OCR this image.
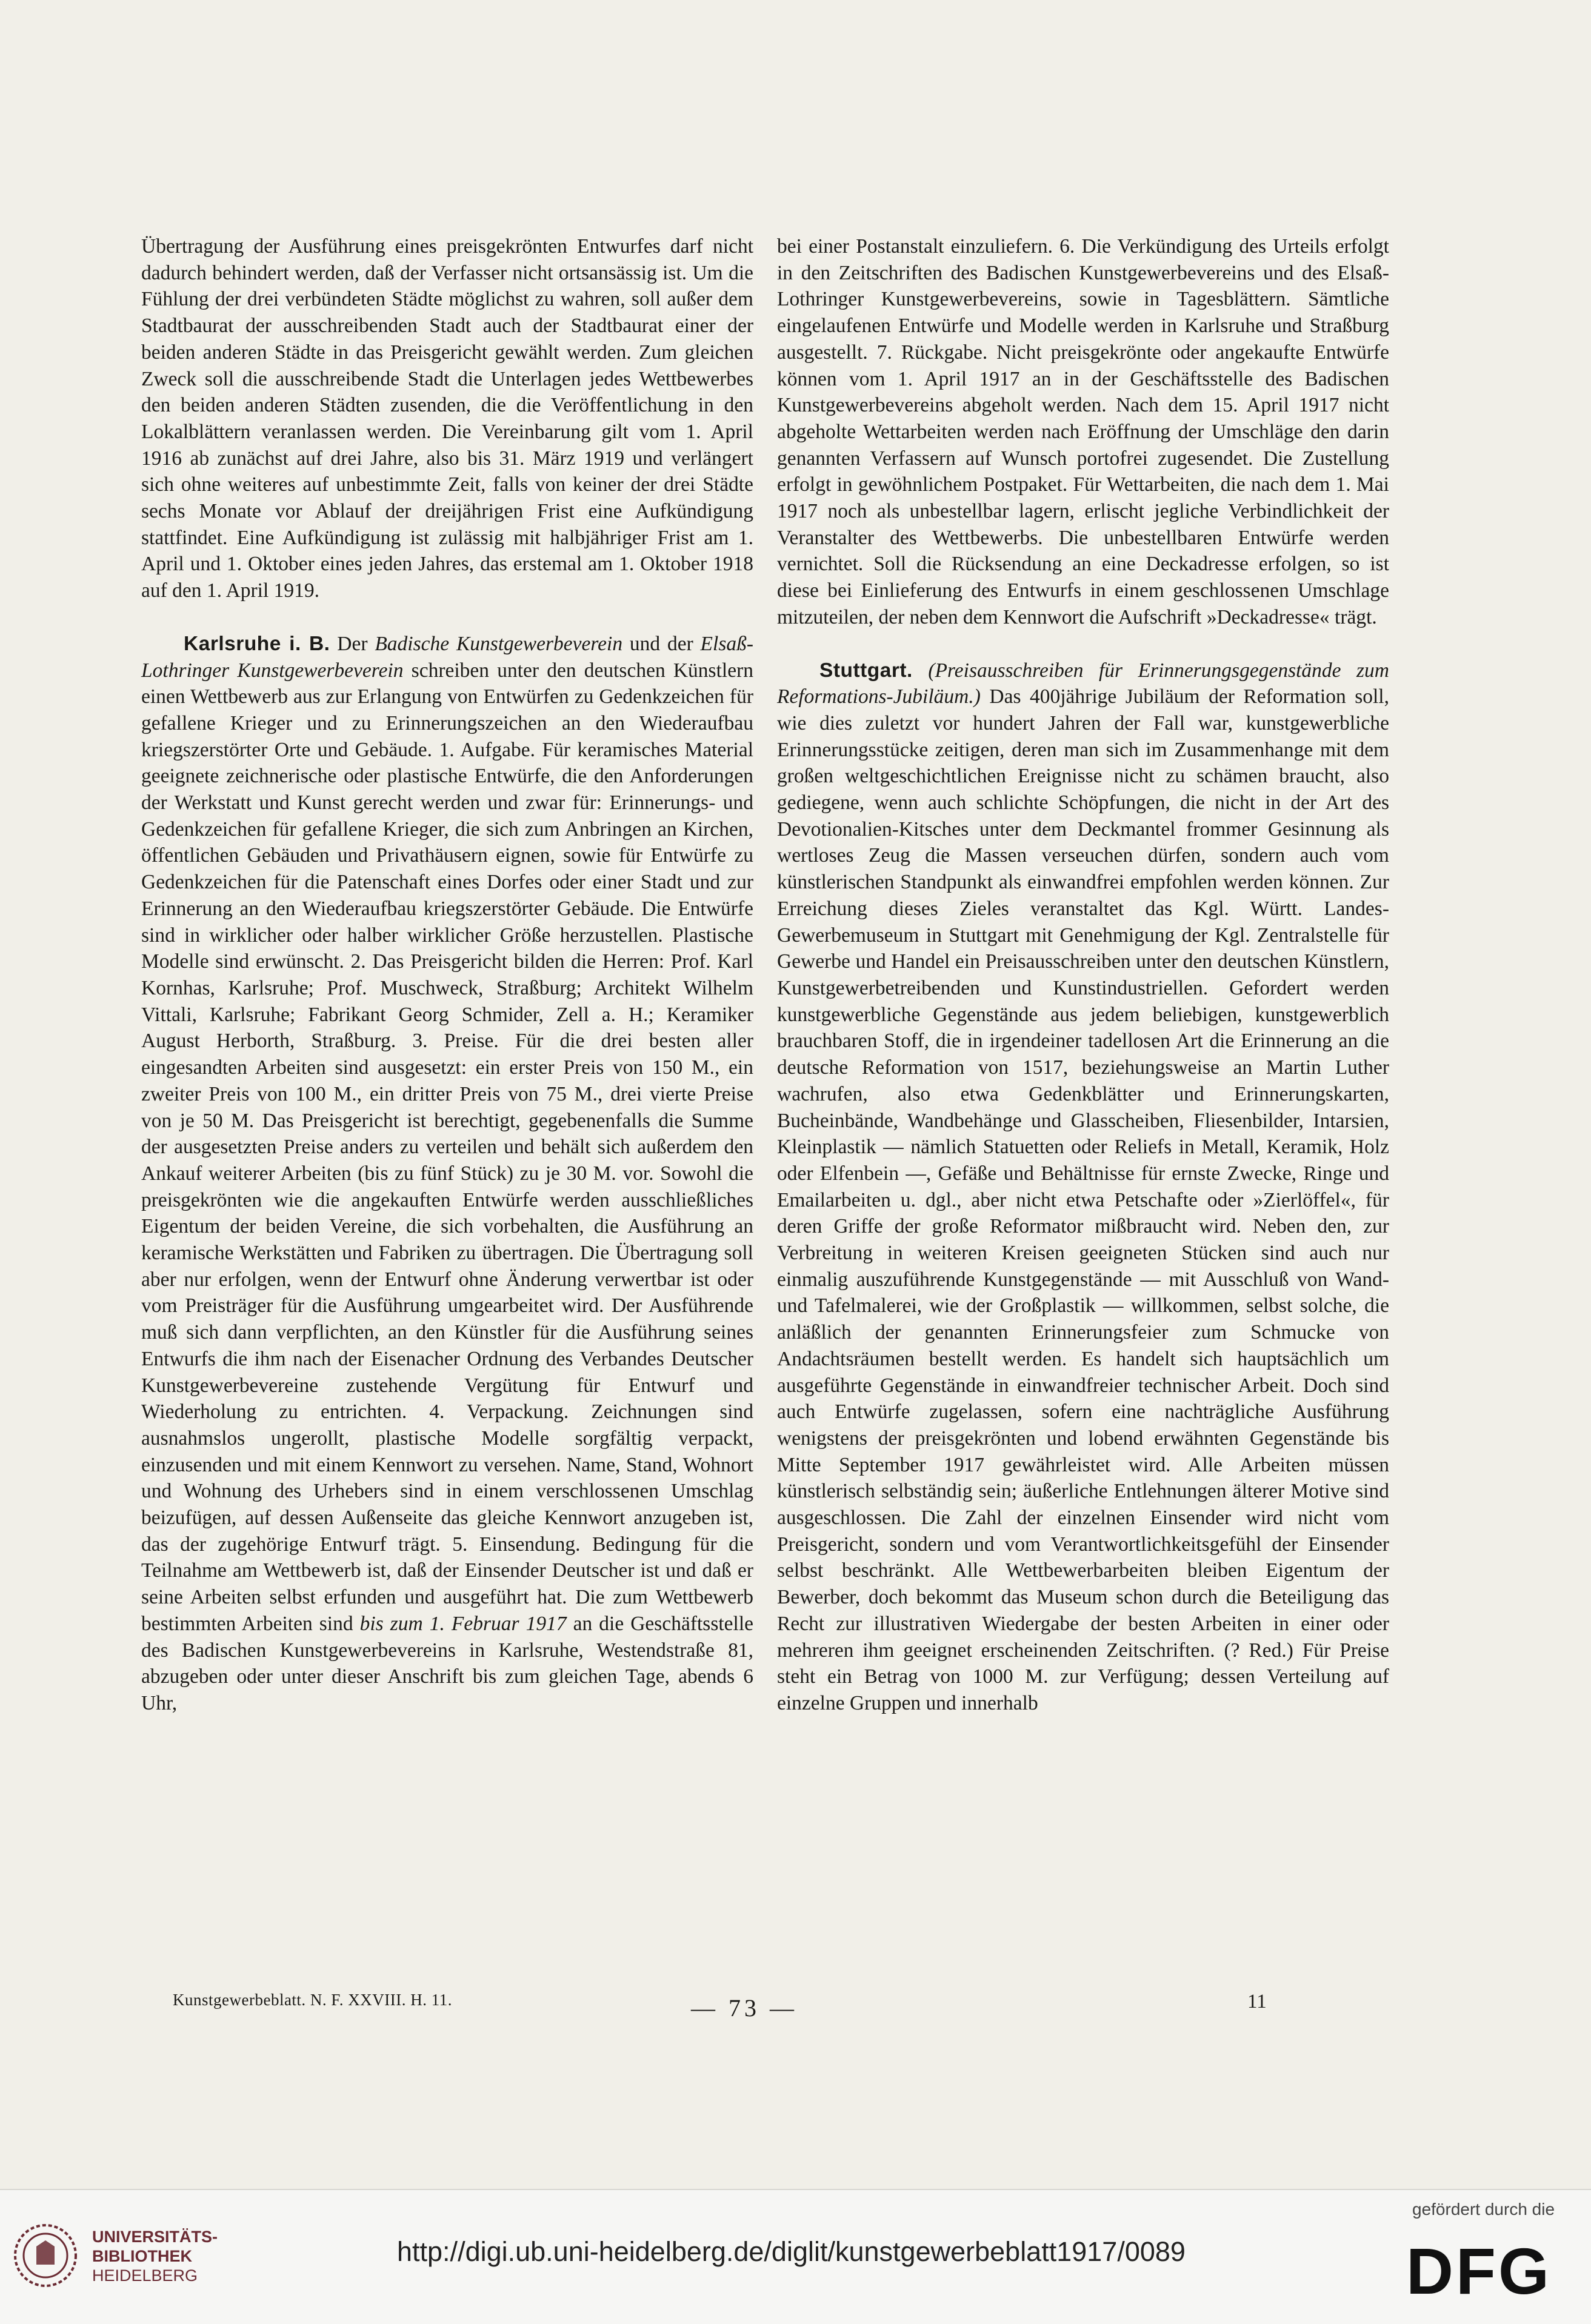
Übertragung der Ausführung eines preisgekrönten Entwurfes darf nicht dadurch behindert werden, daß der Verfasser nicht ortsansässig ist. Um die Fühlung der drei verbündeten Städte möglichst zu wahren, soll außer dem Stadtbaurat der ausschreibenden Stadt auch der Stadtbaurat einer der beiden anderen Städte in das Preisgericht gewählt werden. Zum gleichen Zweck soll die ausschreibende Stadt die Unterlagen jedes Wettbewerbes den beiden anderen Städten zusenden, die die Veröffentlichung in den Lokalblättern veranlassen werden. Die Vereinbarung gilt vom 1. April 1916 ab zunächst auf drei Jahre, also bis 31. März 1919 und verlängert sich ohne weiteres auf unbestimmte Zeit, falls von keiner der drei Städte sechs Monate vor Ablauf der dreijährigen Frist eine Aufkündigung stattfindet. Eine Aufkündigung ist zulässig mit halbjähriger Frist am 1. April und 1. Oktober eines jeden Jahres, das erstemal am 1. Oktober 1918 auf den 1. April 1919.

Karlsruhe i. B. Der Badische Kunstgewerbeverein und der Elsaß-Lothringer Kunstgewerbeverein schreiben unter den deutschen Künstlern einen Wettbewerb aus zur Erlangung von Entwürfen zu Gedenkzeichen für gefallene Krieger und zu Erinnerungszeichen an den Wiederaufbau kriegszerstörter Orte und Gebäude. 1. Aufgabe. Für keramisches Material geeignete zeichnerische oder plastische Entwürfe, die den Anforderungen der Werkstatt und Kunst gerecht werden und zwar für: Erinnerungs- und Gedenkzeichen für gefallene Krieger, die sich zum Anbringen an Kirchen, öffentlichen Gebäuden und Privathäusern eignen, sowie für Entwürfe zu Gedenkzeichen für die Patenschaft eines Dorfes oder einer Stadt und zur Erinnerung an den Wiederaufbau kriegszerstörter Gebäude. Die Entwürfe sind in wirklicher oder halber wirklicher Größe herzustellen. Plastische Modelle sind erwünscht. 2. Das Preisgericht bilden die Herren: Prof. Karl Kornhas, Karlsruhe; Prof. Muschweck, Straßburg; Architekt Wilhelm Vittali, Karlsruhe; Fabrikant Georg Schmider, Zell a. H.; Keramiker August Herborth, Straßburg. 3. Preise. Für die drei besten aller eingesandten Arbeiten sind ausgesetzt: ein erster Preis von 150 M., ein zweiter Preis von 100 M., ein dritter Preis von 75 M., drei vierte Preise von je 50 M. Das Preisgericht ist berechtigt, gegebenenfalls die Summe der ausgesetzten Preise anders zu verteilen und behält sich außerdem den Ankauf weiterer Arbeiten (bis zu fünf Stück) zu je 30 M. vor. Sowohl die preisgekrönten wie die angekauften Entwürfe werden ausschließliches Eigentum der beiden Vereine, die sich vorbehalten, die Ausführung an keramische Werkstätten und Fabriken zu übertragen. Die Übertragung soll aber nur erfolgen, wenn der Entwurf ohne Änderung verwertbar ist oder vom Preisträger für die Ausführung umgearbeitet wird. Der Ausführende muß sich dann verpflichten, an den Künstler für die Ausführung seines Entwurfs die ihm nach der Eisenacher Ordnung des Verbandes Deutscher Kunstgewerbevereine zustehende Vergütung für Entwurf und Wiederholung zu entrichten. 4. Verpackung. Zeichnungen sind ausnahmslos ungerollt, plastische Modelle sorgfältig verpackt, einzusenden und mit einem Kennwort zu versehen. Name, Stand, Wohnort und Wohnung des Urhebers sind in einem verschlossenen Umschlag beizufügen, auf dessen Außenseite das gleiche Kennwort anzugeben ist, das der zugehörige Entwurf trägt. 5. Einsendung. Bedingung für die Teilnahme am Wettbewerb ist, daß der Einsender Deutscher ist und daß er seine Arbeiten selbst erfunden und ausgeführt hat. Die zum Wettbewerb bestimmten Arbeiten sind bis zum 1. Februar 1917 an die Geschäftsstelle des Badischen Kunstgewerbevereins in Karlsruhe, Westendstraße 81, abzugeben oder unter dieser Anschrift bis zum gleichen Tage, abends 6 Uhr,

bei einer Postanstalt einzuliefern. 6. Die Verkündigung des Urteils erfolgt in den Zeitschriften des Badischen Kunstgewerbevereins und des Elsaß-Lothringer Kunstgewerbevereins, sowie in Tagesblättern. Sämtliche eingelaufenen Entwürfe und Modelle werden in Karlsruhe und Straßburg ausgestellt. 7. Rückgabe. Nicht preisgekrönte oder angekaufte Entwürfe können vom 1. April 1917 an in der Geschäftsstelle des Badischen Kunstgewerbevereins abgeholt werden. Nach dem 15. April 1917 nicht abgeholte Wettarbeiten werden nach Eröffnung der Umschläge den darin genannten Verfassern auf Wunsch portofrei zugesendet. Die Zustellung erfolgt in gewöhnlichem Postpaket. Für Wettarbeiten, die nach dem 1. Mai 1917 noch als unbestellbar lagern, erlischt jegliche Verbindlichkeit der Veranstalter des Wettbewerbs. Die unbestellbaren Entwürfe werden vernichtet. Soll die Rücksendung an eine Deckadresse erfolgen, so ist diese bei Einlieferung des Entwurfs in einem geschlossenen Umschlage mitzuteilen, der neben dem Kennwort die Aufschrift »Deckadresse« trägt.

Stuttgart. (Preisausschreiben für Erinnerungsgegenstände zum Reformations-Jubiläum.) Das 400jährige Jubiläum der Reformation soll, wie dies zuletzt vor hundert Jahren der Fall war, kunstgewerbliche Erinnerungsstücke zeitigen, deren man sich im Zusammenhange mit dem großen weltgeschichtlichen Ereignisse nicht zu schämen braucht, also gediegene, wenn auch schlichte Schöpfungen, die nicht in der Art des Devotionalien-Kitsches unter dem Deckmantel frommer Gesinnung als wertloses Zeug die Massen verseuchen dürfen, sondern auch vom künstlerischen Standpunkt als einwandfrei empfohlen werden können. Zur Erreichung dieses Zieles veranstaltet das Kgl. Württ. Landes-Gewerbemuseum in Stuttgart mit Genehmigung der Kgl. Zentralstelle für Gewerbe und Handel ein Preisausschreiben unter den deutschen Künstlern, Kunstgewerbetreibenden und Kunstindustriellen. Gefordert werden kunstgewerbliche Gegenstände aus jedem beliebigen, kunstgewerblich brauchbaren Stoff, die in irgendeiner tadellosen Art die Erinnerung an die deutsche Reformation von 1517, beziehungsweise an Martin Luther wachrufen, also etwa Gedenkblätter und Erinnerungskarten, Bucheinbände, Wandbehänge und Glasscheiben, Fliesenbilder, Intarsien, Kleinplastik — nämlich Statuetten oder Reliefs in Metall, Keramik, Holz oder Elfenbein —, Gefäße und Behältnisse für ernste Zwecke, Ringe und Emailarbeiten u. dgl., aber nicht etwa Petschafte oder »Zierlöffel«, für deren Griffe der große Reformator mißbraucht wird. Neben den, zur Verbreitung in weiteren Kreisen geeigneten Stücken sind auch nur einmalig auszuführende Kunstgegenstände — mit Ausschluß von Wand- und Tafelmalerei, wie der Großplastik — willkommen, selbst solche, die anläßlich der genannten Erinnerungsfeier zum Schmucke von Andachtsräumen bestellt werden. Es handelt sich hauptsächlich um ausgeführte Gegenstände in einwandfreier technischer Arbeit. Doch sind auch Entwürfe zugelassen, sofern eine nachträgliche Ausführung wenigstens der preisgekrönten und lobend erwähnten Gegenstände bis Mitte September 1917 gewährleistet wird. Alle Arbeiten müssen künstlerisch selbständig sein; äußerliche Entlehnungen älterer Motive sind ausgeschlossen. Die Zahl der einzelnen Einsender wird nicht vom Preisgericht, sondern und vom Verantwortlichkeitsgefühl der Einsender selbst beschränkt. Alle Wettbewerbarbeiten bleiben Eigentum der Bewerber, doch bekommt das Museum schon durch die Beteiligung das Recht zur illustrativen Wiedergabe der besten Arbeiten in einer oder mehreren ihm geeignet erscheinenden Zeitschriften. (? Red.) Für Preise steht ein Betrag von 1000 M. zur Verfügung; dessen Verteilung auf einzelne Gruppen und innerhalb

Kunstgewerbeblatt. N. F. XXVIII. H. 11.	— 73 —	11
UNIVERSITÄTS-
BIBLIOTHEK
HEIDELBERG
http://digi.ub.uni-heidelberg.de/diglit/kunstgewerbeblatt1917/0089
gefördert durch die
DFG
